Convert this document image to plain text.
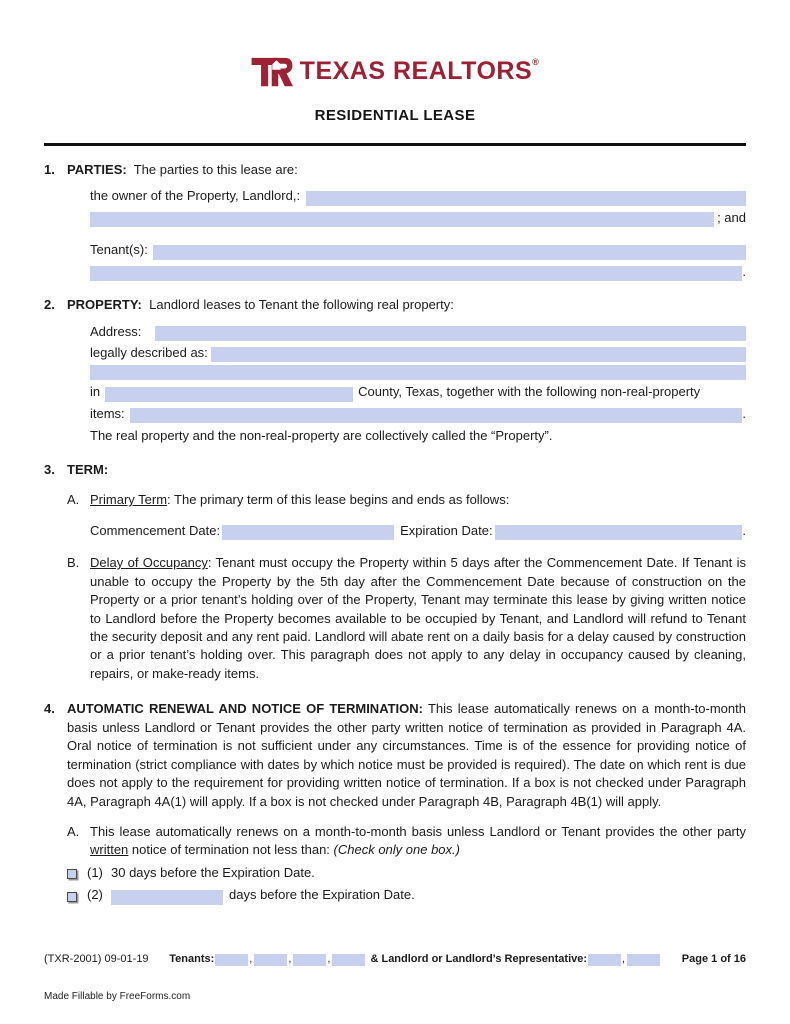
TEXAS REALTORS®
RESIDENTIAL LEASE
1. PARTIES: The parties to this lease are:
the owner of the Property, Landlord,:
; and
Tenant(s):
.
2. PROPERTY: Landlord leases to Tenant the following real property:
Address:
legally described as:
in	County, Texas, together with the following non-real-property
items:	.
The real property and the non-real-property are collectively called the “Property”.
3. TERM:
A. Primary Term: The primary term of this lease begins and ends as follows:
Commencement Date:	Expiration Date:	.
B. Delay of Occupancy: Tenant must occupy the Property within 5 days after the Commencement Date. If Tenant is unable to occupy the Property by the 5th day after the Commencement Date because of construction on the Property or a prior tenant’s holding over of the Property, Tenant may terminate this lease by giving written notice to Landlord before the Property becomes available to be occupied by Tenant, and Landlord will refund to Tenant the security deposit and any rent paid. Landlord will abate rent on a daily basis for a delay caused by construction or a prior tenant’s holding over. This paragraph does not apply to any delay in occupancy caused by cleaning, repairs, or make-ready items.
4. AUTOMATIC RENEWAL AND NOTICE OF TERMINATION: This lease automatically renews on a month-to-month basis unless Landlord or Tenant provides the other party written notice of termination as provided in Paragraph 4A. Oral notice of termination is not sufficient under any circumstances. Time is of the essence for providing notice of termination (strict compliance with dates by which notice must be provided is required). The date on which rent is due does not apply to the requirement for providing written notice of termination. If a box is not checked under Paragraph 4A, Paragraph 4A(1) will apply. If a box is not checked under Paragraph 4B, Paragraph 4B(1) will apply.
A. This lease automatically renews on a month-to-month basis unless Landlord or Tenant provides the other party written notice of termination not less than: (Check only one box.)
(1) 30 days before the Expiration Date.
(2)	days before the Expiration Date.
(TXR-2001) 09-01-19 Tenants:	,	,	,	& Landlord or Landlord’s Representative:	,	Page 1 of 16
Made Fillable by FreeForms.com
